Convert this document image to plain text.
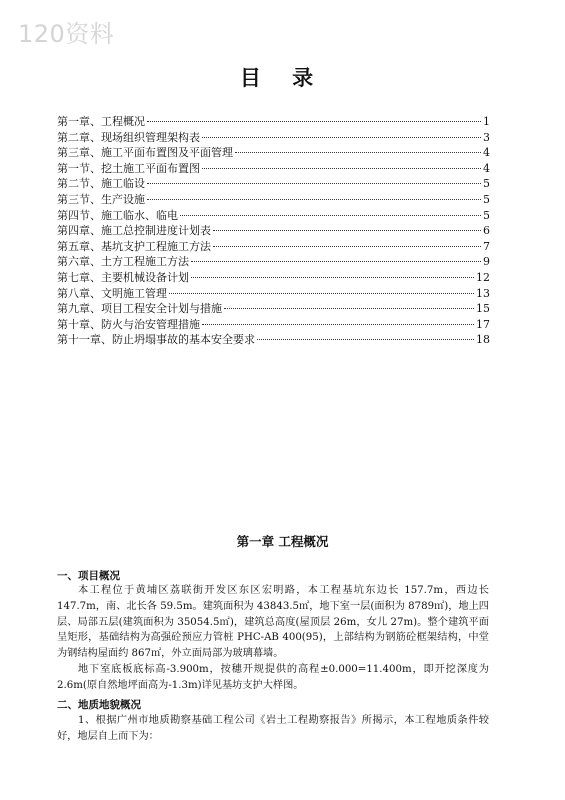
120资料
目 录
第一章、工程概况	1
第二章、现场组织管理架构表	3
第三章、施工平面布置图及平面管理	4
第一节、挖土施工平面布置图	4
第二节、施工临设	5
第三节、生产设施	5
第四节、施工临水、临电	5
第四章、施工总控制进度计划表	6
第五章、基坑支护工程施工方法	7
第六章、土方工程施工方法	9
第七章、主要机械设备计划	12
第八章、文明施工管理	13
第九章、项目工程安全计划与措施	15
第十章、防火与治安管理措施	17
第十一章、防止坍塌事故的基本安全要求	18
第一章 工程概况
一、项目概况

本工程位于黄埔区荔联街开发区东区宏明路，本工程基坑东边长 157.7m，西边长 147.7m，南、北长各 59.5m。建筑面积为 43843.5㎡，地下室一层(面积为 8789㎡)，地上四层、局部五层(建筑面积为 35054.5㎡)，建筑总高度(屋顶层 26m，女儿 27m)。整个建筑平面呈矩形，基础结构为高强砼预应力管桩 PHC-AB 400(95)，上部结构为钢筋砼框架结构，中堂为钢结构屋面约 867㎡，外立面局部为玻璃幕墙。

地下室底板底标高-3.900m，按穗开规提供的高程±0.000=11.400m，即开挖深度为 2.6m(原自然地坪面高为-1.3m)详见基坊支护大样图。

二、地质地貌概况

1、根据广州市地质勘察基础工程公司《岩土工程勘察报告》所揭示，本工程地质条件较好，地层自上而下为：
